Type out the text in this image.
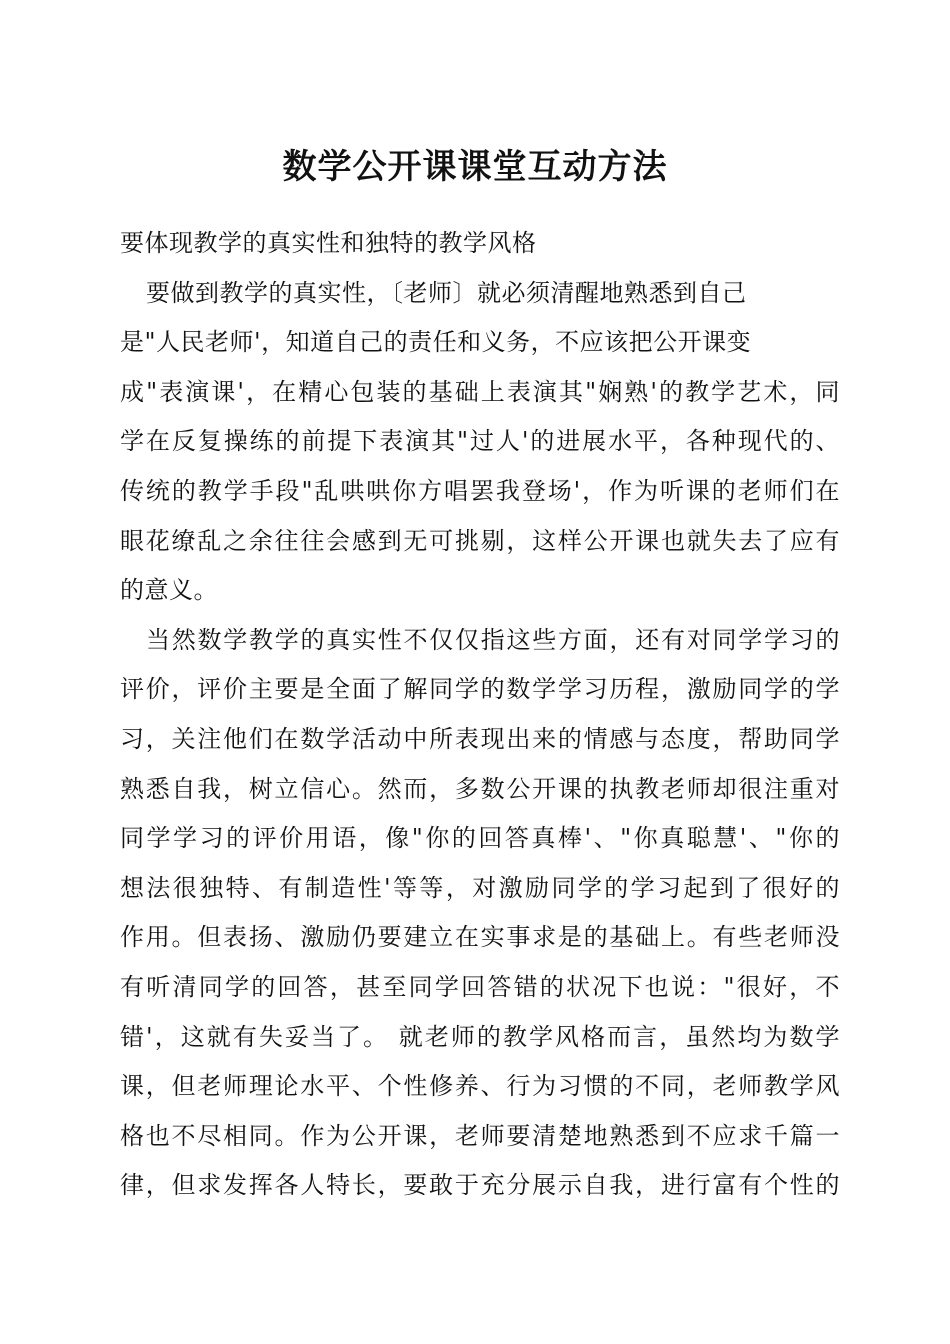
数学公开课课堂互动方法
要体现教学的真实性和独特的教学风格
要做到教学的真实性，〔老师〕就必须清醒地熟悉到自己
是"人民老师'，知道自己的责任和义务，不应该把公开课变
成"表演课'，在精心包装的基础上表演其"娴熟'的教学艺术，同
学在反复操练的前提下表演其"过人'的进展水平，各种现代的、
传统的教学手段"乱哄哄你方唱罢我登场'，作为听课的老师们在
眼花缭乱之余往往会感到无可挑剔，这样公开课也就失去了应有
的意义。
当然数学教学的真实性不仅仅指这些方面，还有对同学学习的
评价，评价主要是全面了解同学的数学学习历程，激励同学的学
习，关注他们在数学活动中所表现出来的情感与态度，帮助同学
熟悉自我，树立信心。然而，多数公开课的执教老师却很注重对
同学学习的评价用语，像"你的回答真棒'、"你真聪慧'、"你的
想法很独特、有制造性'等等，对激励同学的学习起到了很好的
作用。但表扬、激励仍要建立在实事求是的基础上。有些老师没
有听清同学的回答，甚至同学回答错的状况下也说："很好，不
错'，这就有失妥当了。 就老师的教学风格而言，虽然均为数学
课，但老师理论水平、个性修养、行为习惯的不同，老师教学风
格也不尽相同。作为公开课，老师要清楚地熟悉到不应求千篇一
律，但求发挥各人特长，要敢于充分展示自我，进行富有个性的
